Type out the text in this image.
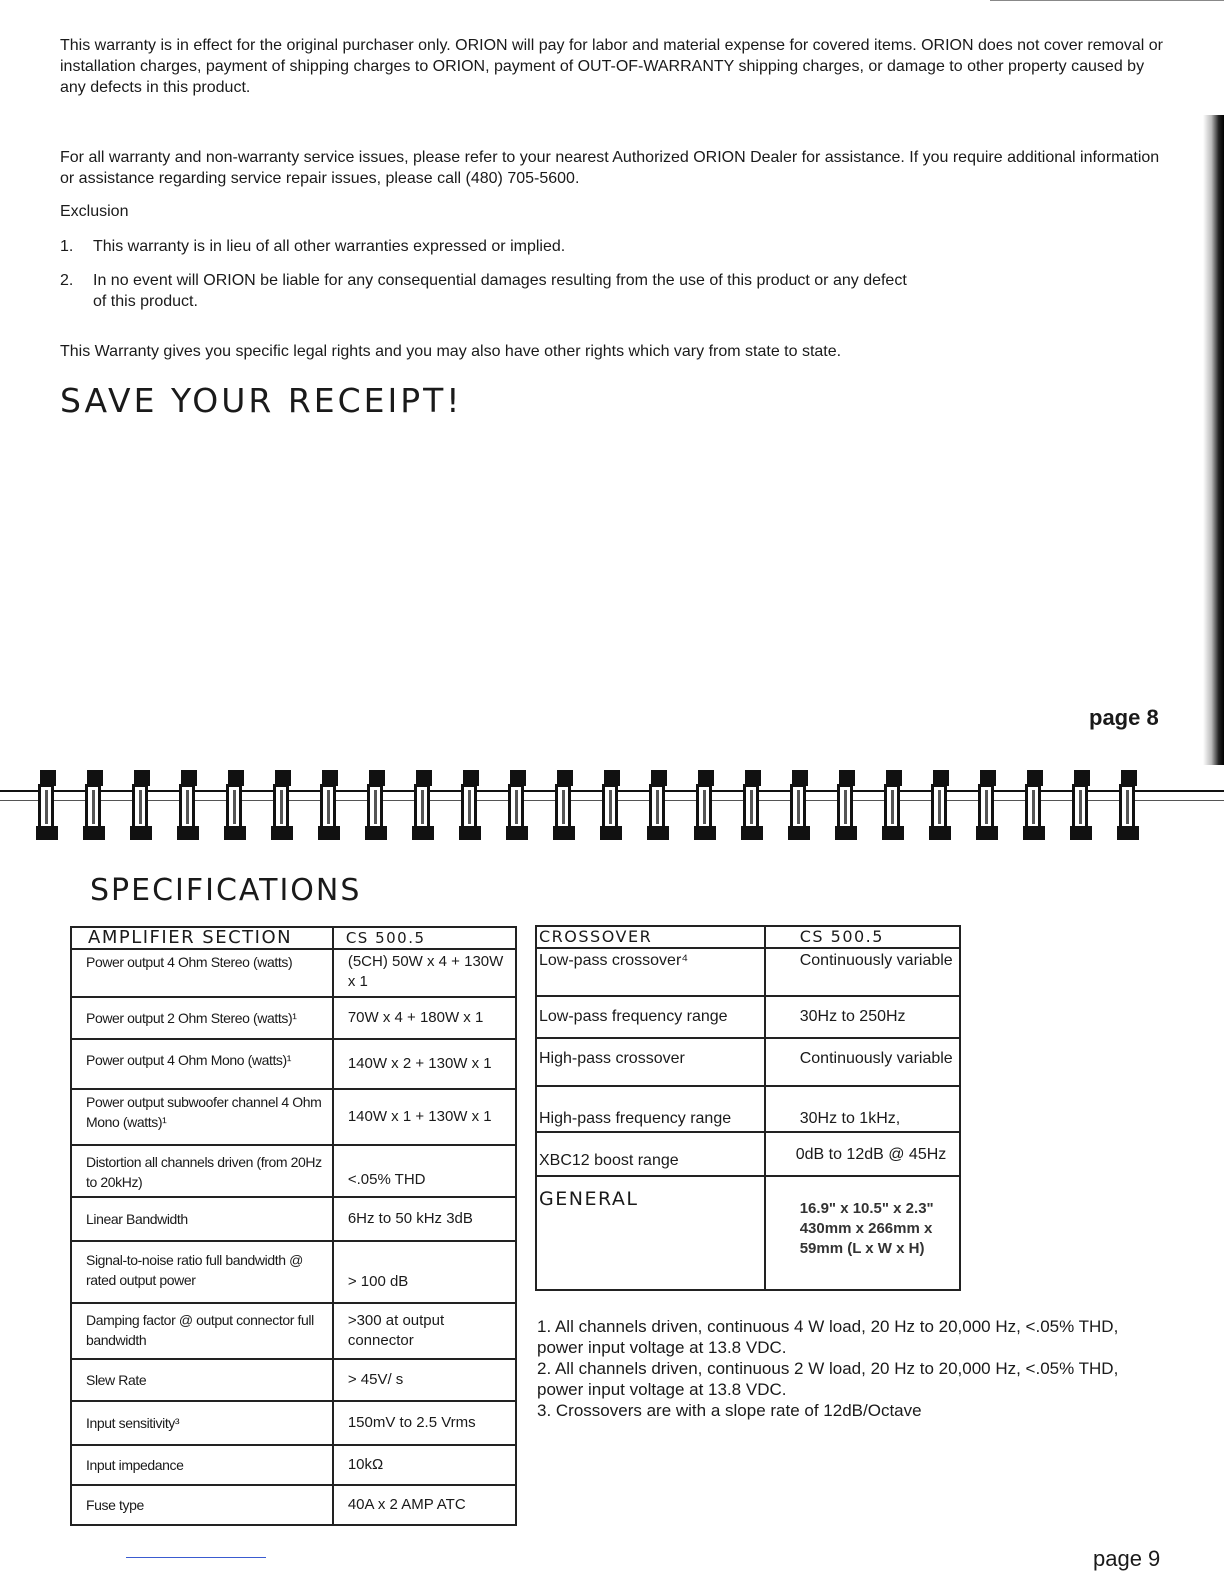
This warranty is in effect for the original purchaser only. ORION will pay for labor and material expense for covered items. ORION does not cover removal or installation charges, payment of shipping charges to ORION, payment of OUT-OF-WARRANTY shipping charges, or damage to other property caused by any defects in this product.
For all warranty and non-warranty service issues, please refer to your nearest Authorized ORION Dealer for assistance. If you require additional information or assistance regarding service repair issues, please call (480) 705-5600.
Exclusion
1. This warranty is in lieu of all other warranties expressed or implied.
2. In no event will ORION be liable for any consequential damages resulting from the use of this product or any defect of this product.
This Warranty gives you specific legal rights and you may also have other rights which vary from state to state.
SAVE YOUR RECEIPT!
page 8
SPECIFICATIONS
AMPLIFIER SECTION	CS 500.5
Power output 4 Ohm Stereo (watts)	(5CH) 50W x 4 + 130W x 1
Power output 2 Ohm Stereo (watts)¹	70W x 4 + 180W x 1
Power output 4 Ohm Mono (watts)¹	140W x 2 + 130W x 1
Power output subwoofer channel 4 Ohm Mono (watts)¹	140W x 1 + 130W x 1
Distortion all channels driven (from 20Hz to 20kHz)	<.05% THD
Linear Bandwidth	6Hz to 50 kHz 3dB
Signal-to-noise ratio full bandwidth @ rated output power	> 100 dB
Damping factor @ output connector full bandwidth	>300 at output connector
Slew Rate	> 45V/ s
Input sensitivity³	150mV to 2.5 Vrms
Input impedance	10kΩ
Fuse type	40A x 2 AMP ATC
CROSSOVER	CS 500.5
Low-pass crossover⁴	Continuously variable
Low-pass frequency range	30Hz to 250Hz
High-pass crossover	Continuously variable
High-pass frequency range	30Hz to 1kHz,
XBC12 boost range	0dB to 12dB @ 45Hz
GENERAL	16.9" x 10.5" x 2.3" 430mm x 266mm x 59mm (L x W x H)
1. All channels driven, continuous 4 W load, 20 Hz to 20,000 Hz, <.05% THD, power input voltage at 13.8 VDC.
2. All channels driven, continuous 2 W load, 20 Hz to 20,000 Hz, <.05% THD, power input voltage at 13.8 VDC.
3. Crossovers are with a slope rate of 12dB/Octave
page 9
